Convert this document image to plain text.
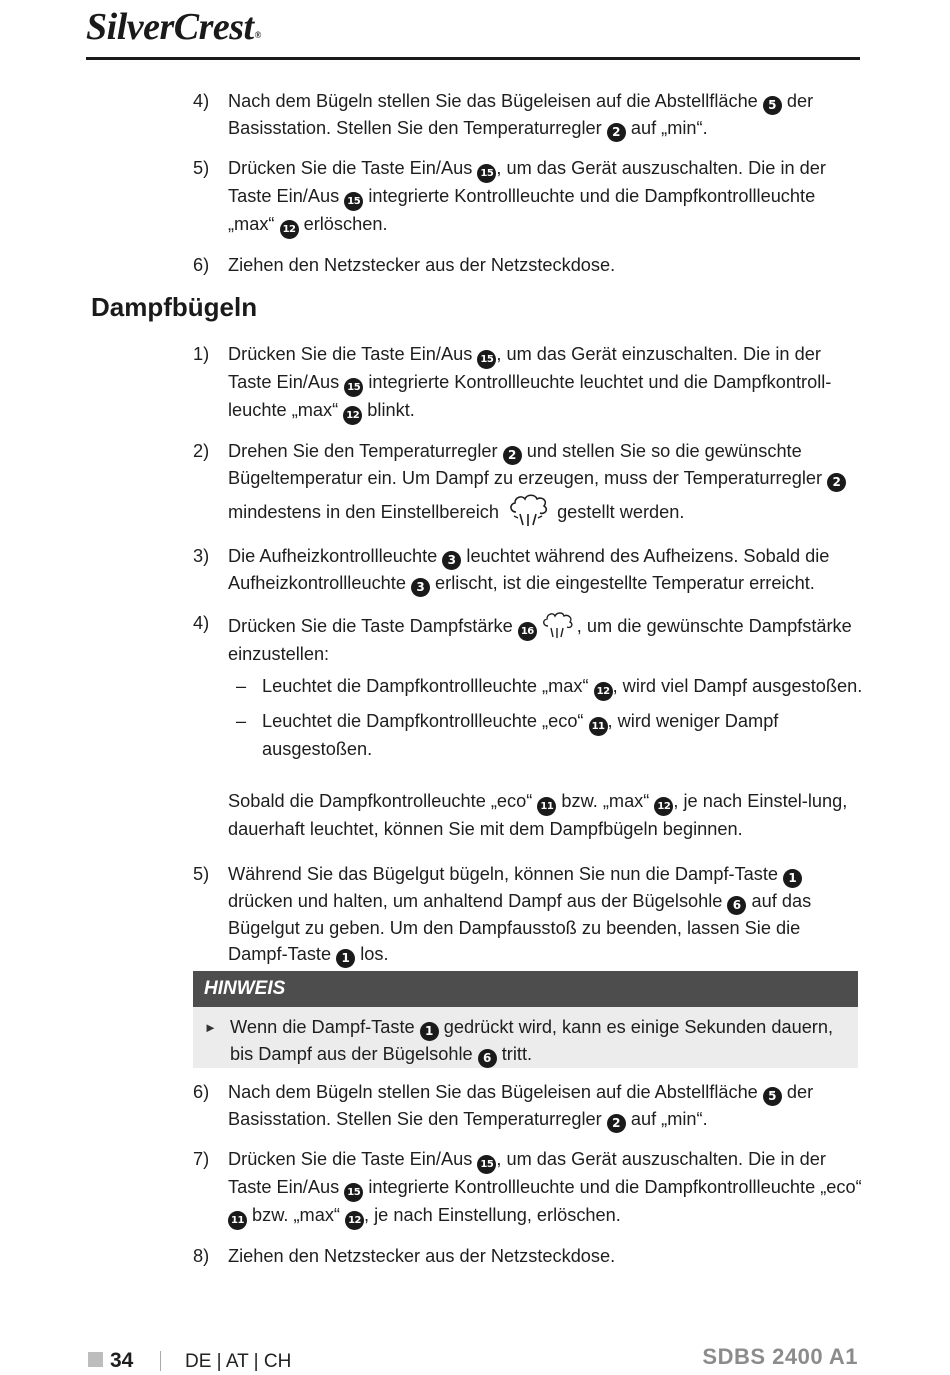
SilverCrest®
4) Nach dem Bügeln stellen Sie das Bügeleisen auf die Abstellfläche 5 der Basisstation. Stellen Sie den Temperaturregler 2 auf „min“.
5) Drücken Sie die Taste Ein/Aus 15 , um das Gerät auszuschalten. Die in der Taste Ein/Aus 15 integrierte Kontrollleuchte und die Dampfkontrollleuchte „max“ 12 erlöschen.
6) Ziehen den Netzstecker aus der Netzsteckdose.
Dampfbügeln
1) Drücken Sie die Taste Ein/Aus 15 , um das Gerät einzuschalten. Die in der Taste Ein/Aus 15 integrierte Kontrollleuchte leuchtet und die Dampfkontroll-leuchte „max“ 12 blinkt.
2) Drehen Sie den Temperaturregler 2 und stellen Sie so die gewünschte Bügeltemperatur ein. Um Dampf zu erzeugen, muss der Temperaturregler 2 mindestens in den Einstellbereich	gestellt werden.
3) Die Aufheizkontrollleuchte 3 leuchtet während des Aufheizens. Sobald die Aufheizkontrollleuchte 3 erlischt, ist die eingestellte Temperatur erreicht.
4) Drücken Sie die Taste Dampfstärke 16 , um die gewünschte Dampfstärke einzustellen:
– Leuchtet die Dampfkontrollleuchte „max“ 12 , wird viel Dampf ausgestoßen.
– Leuchtet die Dampfkontrollleuchte „eco“ 11 , wird weniger Dampf ausgestoßen.

Sobald die Dampfkontrolleuchte „eco“ 11 bzw. „max“ 12 , je nach Einstel-lung, dauerhaft leuchtet, können Sie mit dem Dampfbügeln beginnen.

5) Während Sie das Bügelgut bügeln, können Sie nun die Dampf-Taste 1 drücken und halten, um anhaltend Dampf aus der Bügelsohle 6 auf das Bügelgut zu geben. Um den Dampfausstoß zu beenden, lassen Sie die Dampf-Taste 1 los.
HINWEIS
► Wenn die Dampf-Taste 1 gedrückt wird, kann es einige Sekunden dauern, bis Dampf aus der Bügelsohle 6 tritt.
6) Nach dem Bügeln stellen Sie das Bügeleisen auf die Abstellfläche 5 der Basisstation. Stellen Sie den Temperaturregler 2 auf „min“.
7) Drücken Sie die Taste Ein/Aus 15 , um das Gerät auszuschalten. Die in der Taste Ein/Aus 15 integrierte Kontrollleuchte und die Dampfkontrollleuchte „eco“ 11 bzw. „max“ 12 , je nach Einstellung, erlöschen.
8) Ziehen den Netzstecker aus der Netzsteckdose.
34	DE | AT | CH	SDBS 2400 A1
